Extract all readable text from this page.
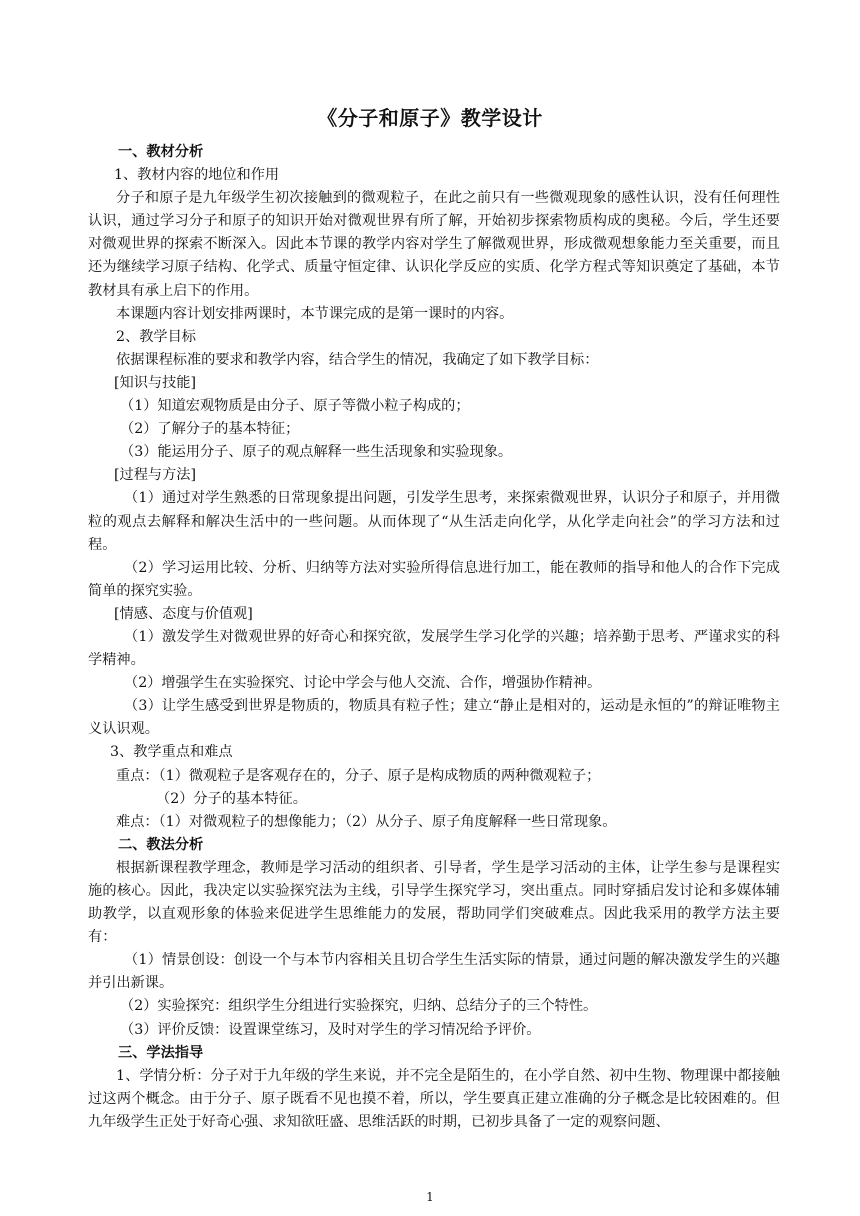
《分子和原子》教学设计

一、教材分析

1、教材内容的地位和作用

分子和原子是九年级学生初次接触到的微观粒子，在此之前只有一些微观现象的感性认识，没有任何理性认识，通过学习分子和原子的知识开始对微观世界有所了解，开始初步探索物质构成的奥秘。今后，学生还要对微观世界的探索不断深入。因此本节课的教学内容对学生了解微观世界，形成微观想象能力至关重要，而且还为继续学习原子结构、化学式、质量守恒定律、认识化学反应的实质、化学方程式等知识奠定了基础，本节教材具有承上启下的作用。

本课题内容计划安排两课时，本节课完成的是第一课时的内容。

2、教学目标

依据课程标准的要求和教学内容，结合学生的情况，我确定了如下教学目标：

[知识与技能]

（1）知道宏观物质是由分子、原子等微小粒子构成的；

（2）了解分子的基本特征；

（3）能运用分子、原子的观点解释一些生活现象和实验现象。

[过程与方法]

（1）通过对学生熟悉的日常现象提出问题，引发学生思考，来探索微观世界，认识分子和原子，并用微粒的观点去解释和解决生活中的一些问题。从而体现了“从生活走向化学，从化学走向社会”的学习方法和过程。

（2）学习运用比较、分析、归纳等方法对实验所得信息进行加工，能在教师的指导和他人的合作下完成简单的探究实验。

[情感、态度与价值观]

（1）激发学生对微观世界的好奇心和探究欲，发展学生学习化学的兴趣；培养勤于思考、严谨求实的科学精神。

（2）增强学生在实验探究、讨论中学会与他人交流、合作，增强协作精神。

（3）让学生感受到世界是物质的，物质具有粒子性；建立“静止是相对的，运动是永恒的”的辩证唯物主义认识观。

3、教学重点和难点

重点：（1）微观粒子是客观存在的，分子、原子是构成物质的两种微观粒子；

（2）分子的基本特征。

难点：（1）对微观粒子的想像能力；（2）从分子、原子角度解释一些日常现象。

二、教法分析

根据新课程教学理念，教师是学习活动的组织者、引导者，学生是学习活动的主体，让学生参与是课程实施的核心。因此，我决定以实验探究法为主线，引导学生探究学习，突出重点。同时穿插启发讨论和多媒体辅助教学，以直观形象的体验来促进学生思维能力的发展，帮助同学们突破难点。因此我采用的教学方法主要有：

（1）情景创设：创设一个与本节内容相关且切合学生生活实际的情景，通过问题的解决激发学生的兴趣并引出新课。

（2）实验探究：组织学生分组进行实验探究，归纳、总结分子的三个特性。

（3）评价反馈：设置课堂练习，及时对学生的学习情况给予评价。

三、学法指导

1、学情分析：分子对于九年级的学生来说，并不完全是陌生的，在小学自然、初中生物、物理课中都接触过这两个概念。由于分子、原子既看不见也摸不着，所以，学生要真正建立准确的分子概念是比较困难的。但九年级学生正处于好奇心强、求知欲旺盛、思维活跃的时期，已初步具备了一定的观察问题、

1
